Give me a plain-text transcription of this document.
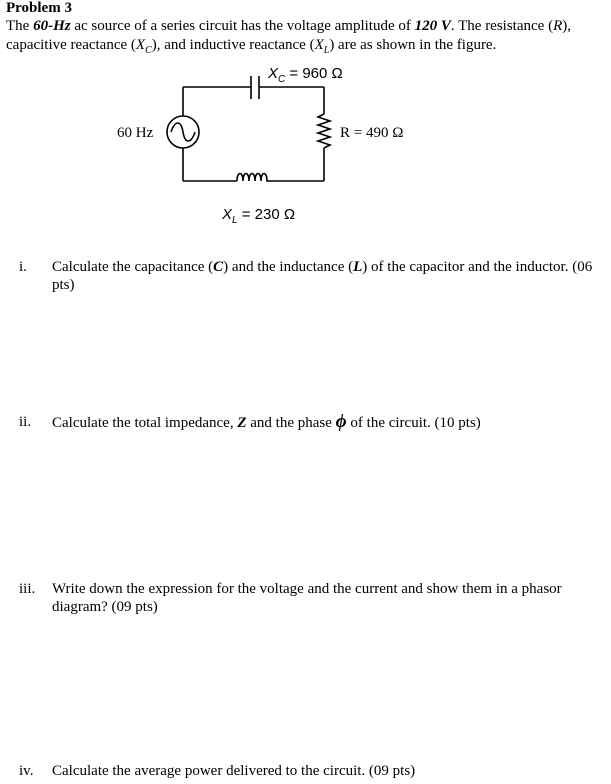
Problem 3
The 60-Hz ac source of a series circuit has the voltage amplitude of 120 V. The resistance (R), capacitive reactance $(X_C)$, and inductive reactance $(X_L)$ are as shown in the figure.
$X_C = 960$ Ω
60 Hz	R = 490 Ω
$X_L = 230$ Ω
i. Calculate the capacitance (C) and the inductance (L) of the capacitor and the inductor. (06 pts)
ii. Calculate the total impedance, Z and the phase ϕ of the circuit. (10 pts)
iii. Write down the expression for the voltage and the current and show them in a phasor diagram? (09 pts)
iv. Calculate the average power delivered to the circuit. (09 pts)
